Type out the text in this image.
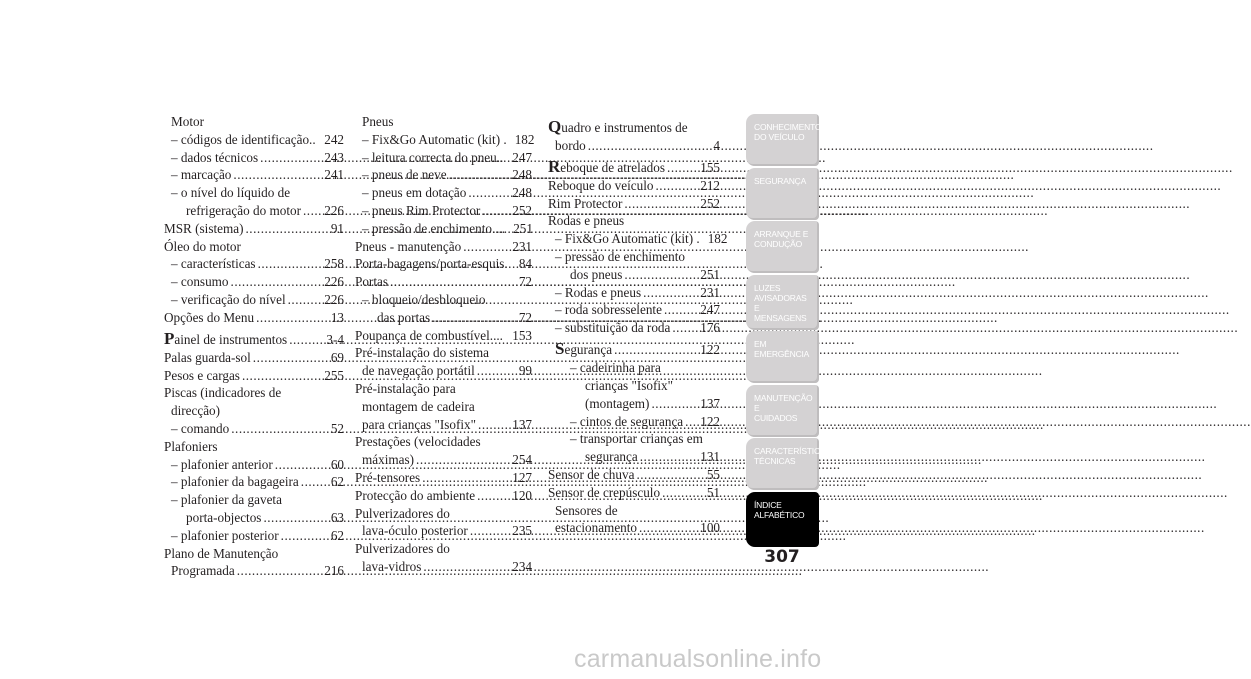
Motor
– códigos de identificação.. 242
– dados técnicos .....	243
– marcação .....	241
– o nível do líquido de
refrigeração do motor ..... 226
MSR (sistema) .....	91
Óleo do motor
– características .....	258
– consumo .....	226
– verificação do nível .....	226
Opções do Menu .....	13
Painel de instrumentos .....	3-4
Palas guarda-sol .....	69
Pesos e cargas .....	255
Piscas (indicadores de
direcção)
– comando .....	52
Plafoniers
– plafonier anterior .....	60
– plafonier da bagageira ..... 62
– plafonier da gaveta
porta-objectos .....	63
– plafonier posterior .....	62
Plano de Manutenção
Programada .....	216
Pneus
– Fix&Go Automatic (kit) . 182
– leitura correcta do pneu.. 247
– pneus de neve .....	248
– pneus em dotação .....	248
– pneus Rim Protector ..... 252
– pressão de enchimento.... 251
Pneus - manutenção .....	231
Porta-bagagens/porta-esquis. 84
Portas .....	72
– bloqueio/desbloqueio
das portas .....	72
Poupança de combustível.... 153
Pré-instalação do sistema
de navegação portátil .....	99
Pré-instalação para
montagem de cadeira
para crianças "Isofix" .....	137
Prestações (velocidades
máximas) .....	254
Pré-tensores .....	127
Protecção do ambiente .....	120
Pulverizadores do
lava-óculo posterior .....	235
Pulverizadores do
lava-vidros .....	234
Quadro e instrumentos de
bordo .....	4
Reboque de atrelados .....	155
Reboque do veículo .....	212
Rim Protector .....	252
Rodas e pneus
– Fix&Go Automatic (kit) . 182
– pressão de enchimento
dos pneus .....	251
– Rodas e pneus .....	231
– roda sobresselente .....	247
– substituição da roda ..... 176
Segurança .....	122
– cadeirinha para
crianças "Isofix"
(montagem) .....	137
– cintos de segurança ..... 122
– transportar crianças em
segurança .....	131
Sensor de chuva .....	55
Sensor de crepúsculo .....	51
Sensores de
estacionamento .....	100
CONHECIMENTO
DO VEÍCULO
SEGURANÇA
ARRANQUE E
CONDUÇÃO
LUZES
AVISADORAS E
MENSAGENS
EM EMERGÊNCIA
MANUTENÇÃO E
CUIDADOS
CARACTERÍSTICAS
TÉCNICAS
ÍNDICE
ALFABÉTICO
307
carmanualsonline.info
